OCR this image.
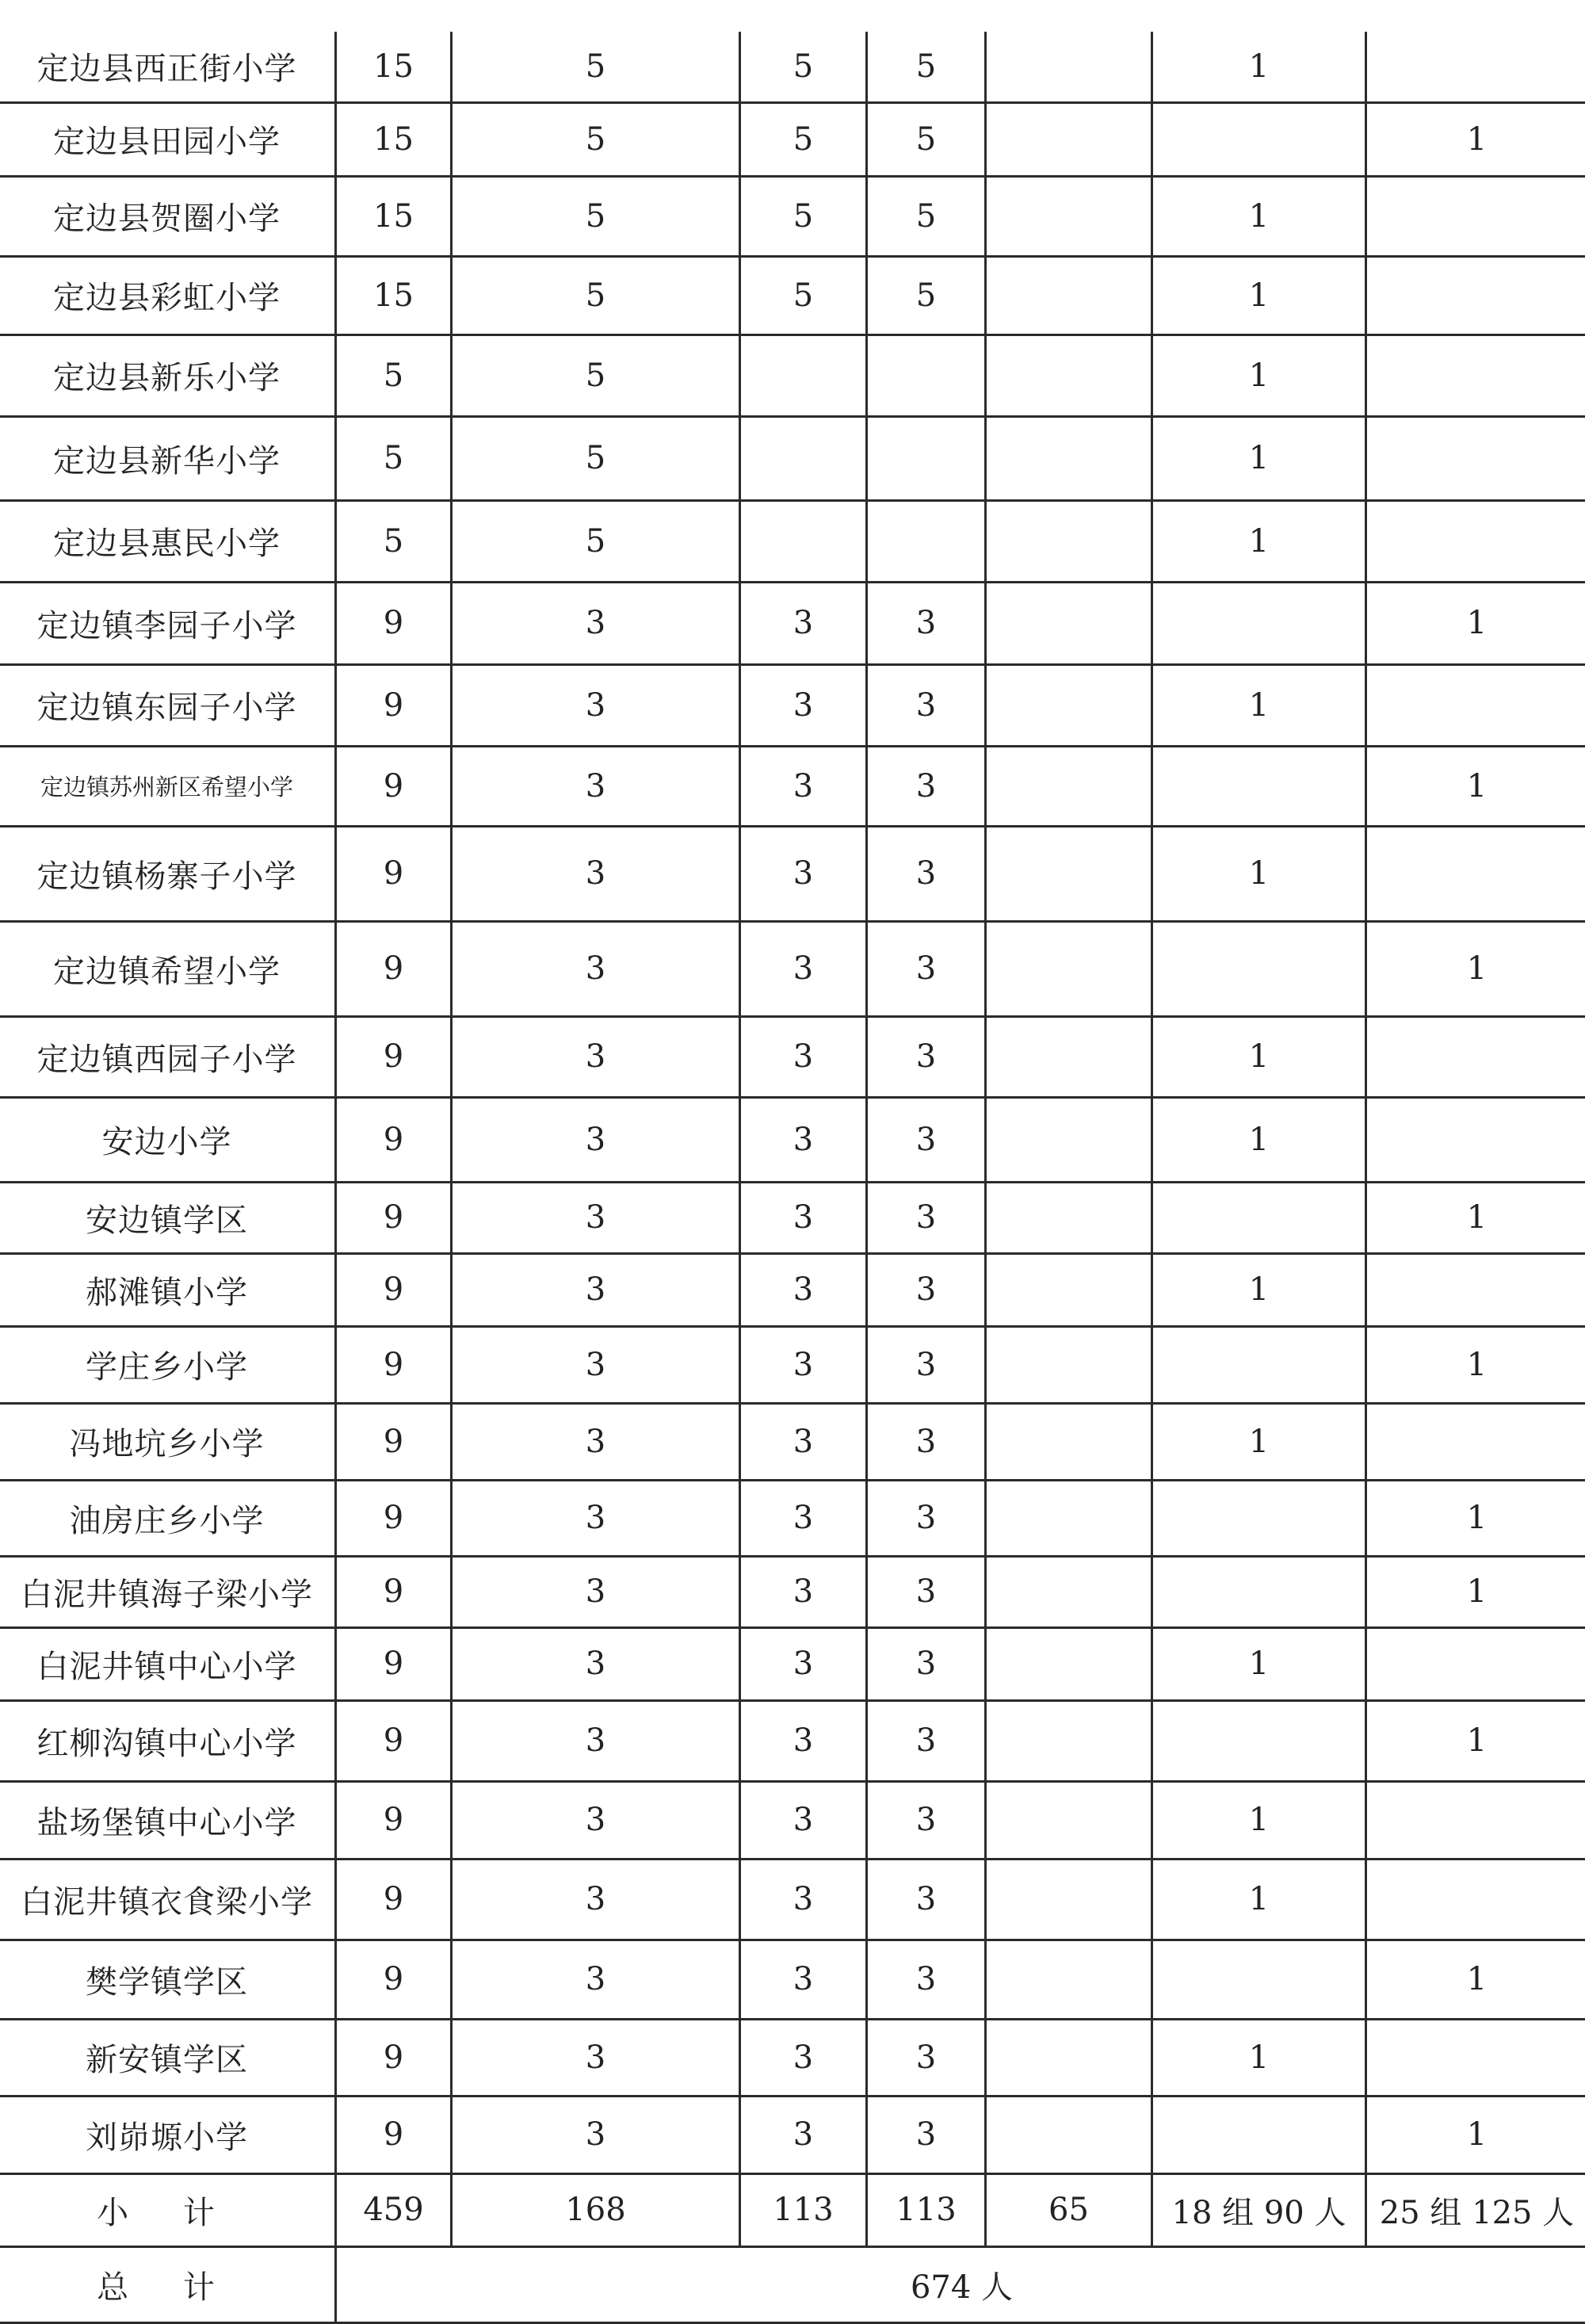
定边县西正街小学	15	5	5	5		1	
定边县田园小学	15	5	5	5			1
定边县贺圈小学	15	5	5	5		1	
定边县彩虹小学	15	5	5	5		1	
定边县新乐小学	5	5				1	
定边县新华小学	5	5				1	
定边县惠民小学	5	5				1	
定边镇李园子小学	9	3	3	3			1
定边镇东园子小学	9	3	3	3		1	
定边镇苏州新区希望小学	9	3	3	3			1
定边镇杨寨子小学	9	3	3	3		1	
定边镇希望小学	9	3	3	3			1
定边镇西园子小学	9	3	3	3		1	
安边小学	9	3	3	3		1	
安边镇学区	9	3	3	3			1
郝滩镇小学	9	3	3	3		1	
学庄乡小学	9	3	3	3			1
冯地坑乡小学	9	3	3	3		1	
油房庄乡小学	9	3	3	3			1
白泥井镇海子梁小学	9	3	3	3			1
白泥井镇中心小学	9	3	3	3		1	
红柳沟镇中心小学	9	3	3	3			1
盐场堡镇中心小学	9	3	3	3		1	
白泥井镇衣食梁小学	9	3	3	3		1	
樊学镇学区	9	3	3	3			1
新安镇学区	9	3	3	3		1	
刘峁塬小学	9	3	3	3			1
小 计	459	168	113	113	65	18 组 90 人	25 组 125 人
总 计	674 人						
